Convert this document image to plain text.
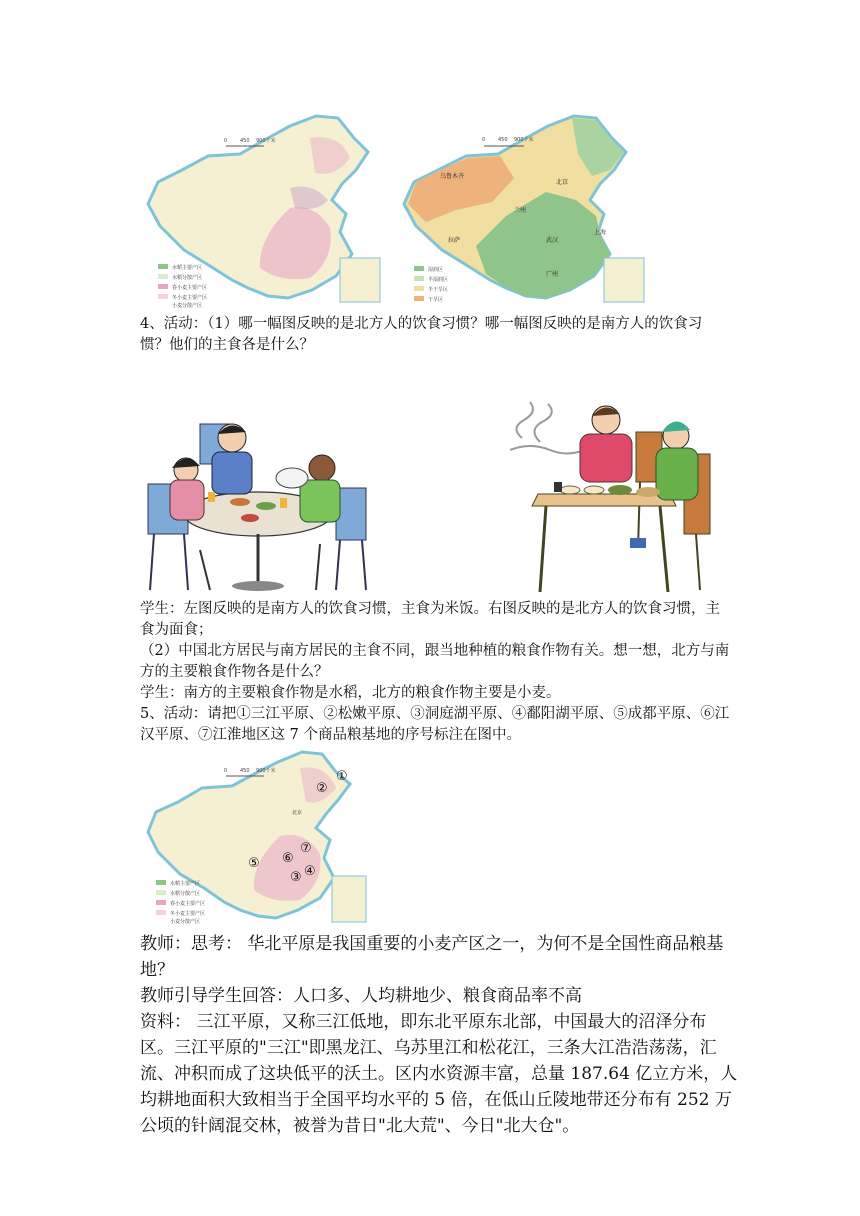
0	450 900千米
水稻主要产区
水稻分散产区
春小麦主要产区
冬小麦主要产区
小麦分散产区
0	450 900千米
乌鲁木齐
北京
兰州
拉萨	武汉
上海
广州
湿润区
半湿润区
半干旱区
干旱区
4、活动：（1）哪一幅图反映的是北方人的饮食习惯？哪一幅图反映的是南方人的饮食习惯？他们的主食各是什么？
学生：左图反映的是南方人的饮食习惯，主食为米饭。右图反映的是北方人的饮食习惯，主食为面食；
（2）中国北方居民与南方居民的主食不同，跟当地种植的粮食作物有关。想一想，北方与南方的主要粮食作物各是什么？
学生：南方的主要粮食作物是水稻，北方的粮食作物主要是小麦。
5、活动：请把①三江平原、②松嫩平原、③洞庭湖平原、④鄱阳湖平原、⑤成都平原、⑥江汉平原、⑦江淮地区这 7 个商品粮基地的序号标注在图中。
0	450 900千米
北京
①
②
③ ④
⑤ ⑥
⑦
水稻主要产区
水稻分散产区
春小麦主要产区
冬小麦主要产区
小麦分散产区
教师：思考： 华北平原是我国重要的小麦产区之一，为何不是全国性商品粮基地？
教师引导学生回答：人口多、人均耕地少、粮食商品率不高
资料： 三江平原，又称三江低地，即东北平原东北部，中国最大的沼泽分布区。三江平原的"三江"即黑龙江、乌苏里江和松花江，三条大江浩浩荡荡，汇流、冲积而成了这块低平的沃土。区内水资源丰富，总量 187.64 亿立方米，人均耕地面积大致相当于全国平均水平的 5 倍，在低山丘陵地带还分布有 252 万公顷的针阔混交林，被誉为昔日"北大荒"、今日"北大仓"。
